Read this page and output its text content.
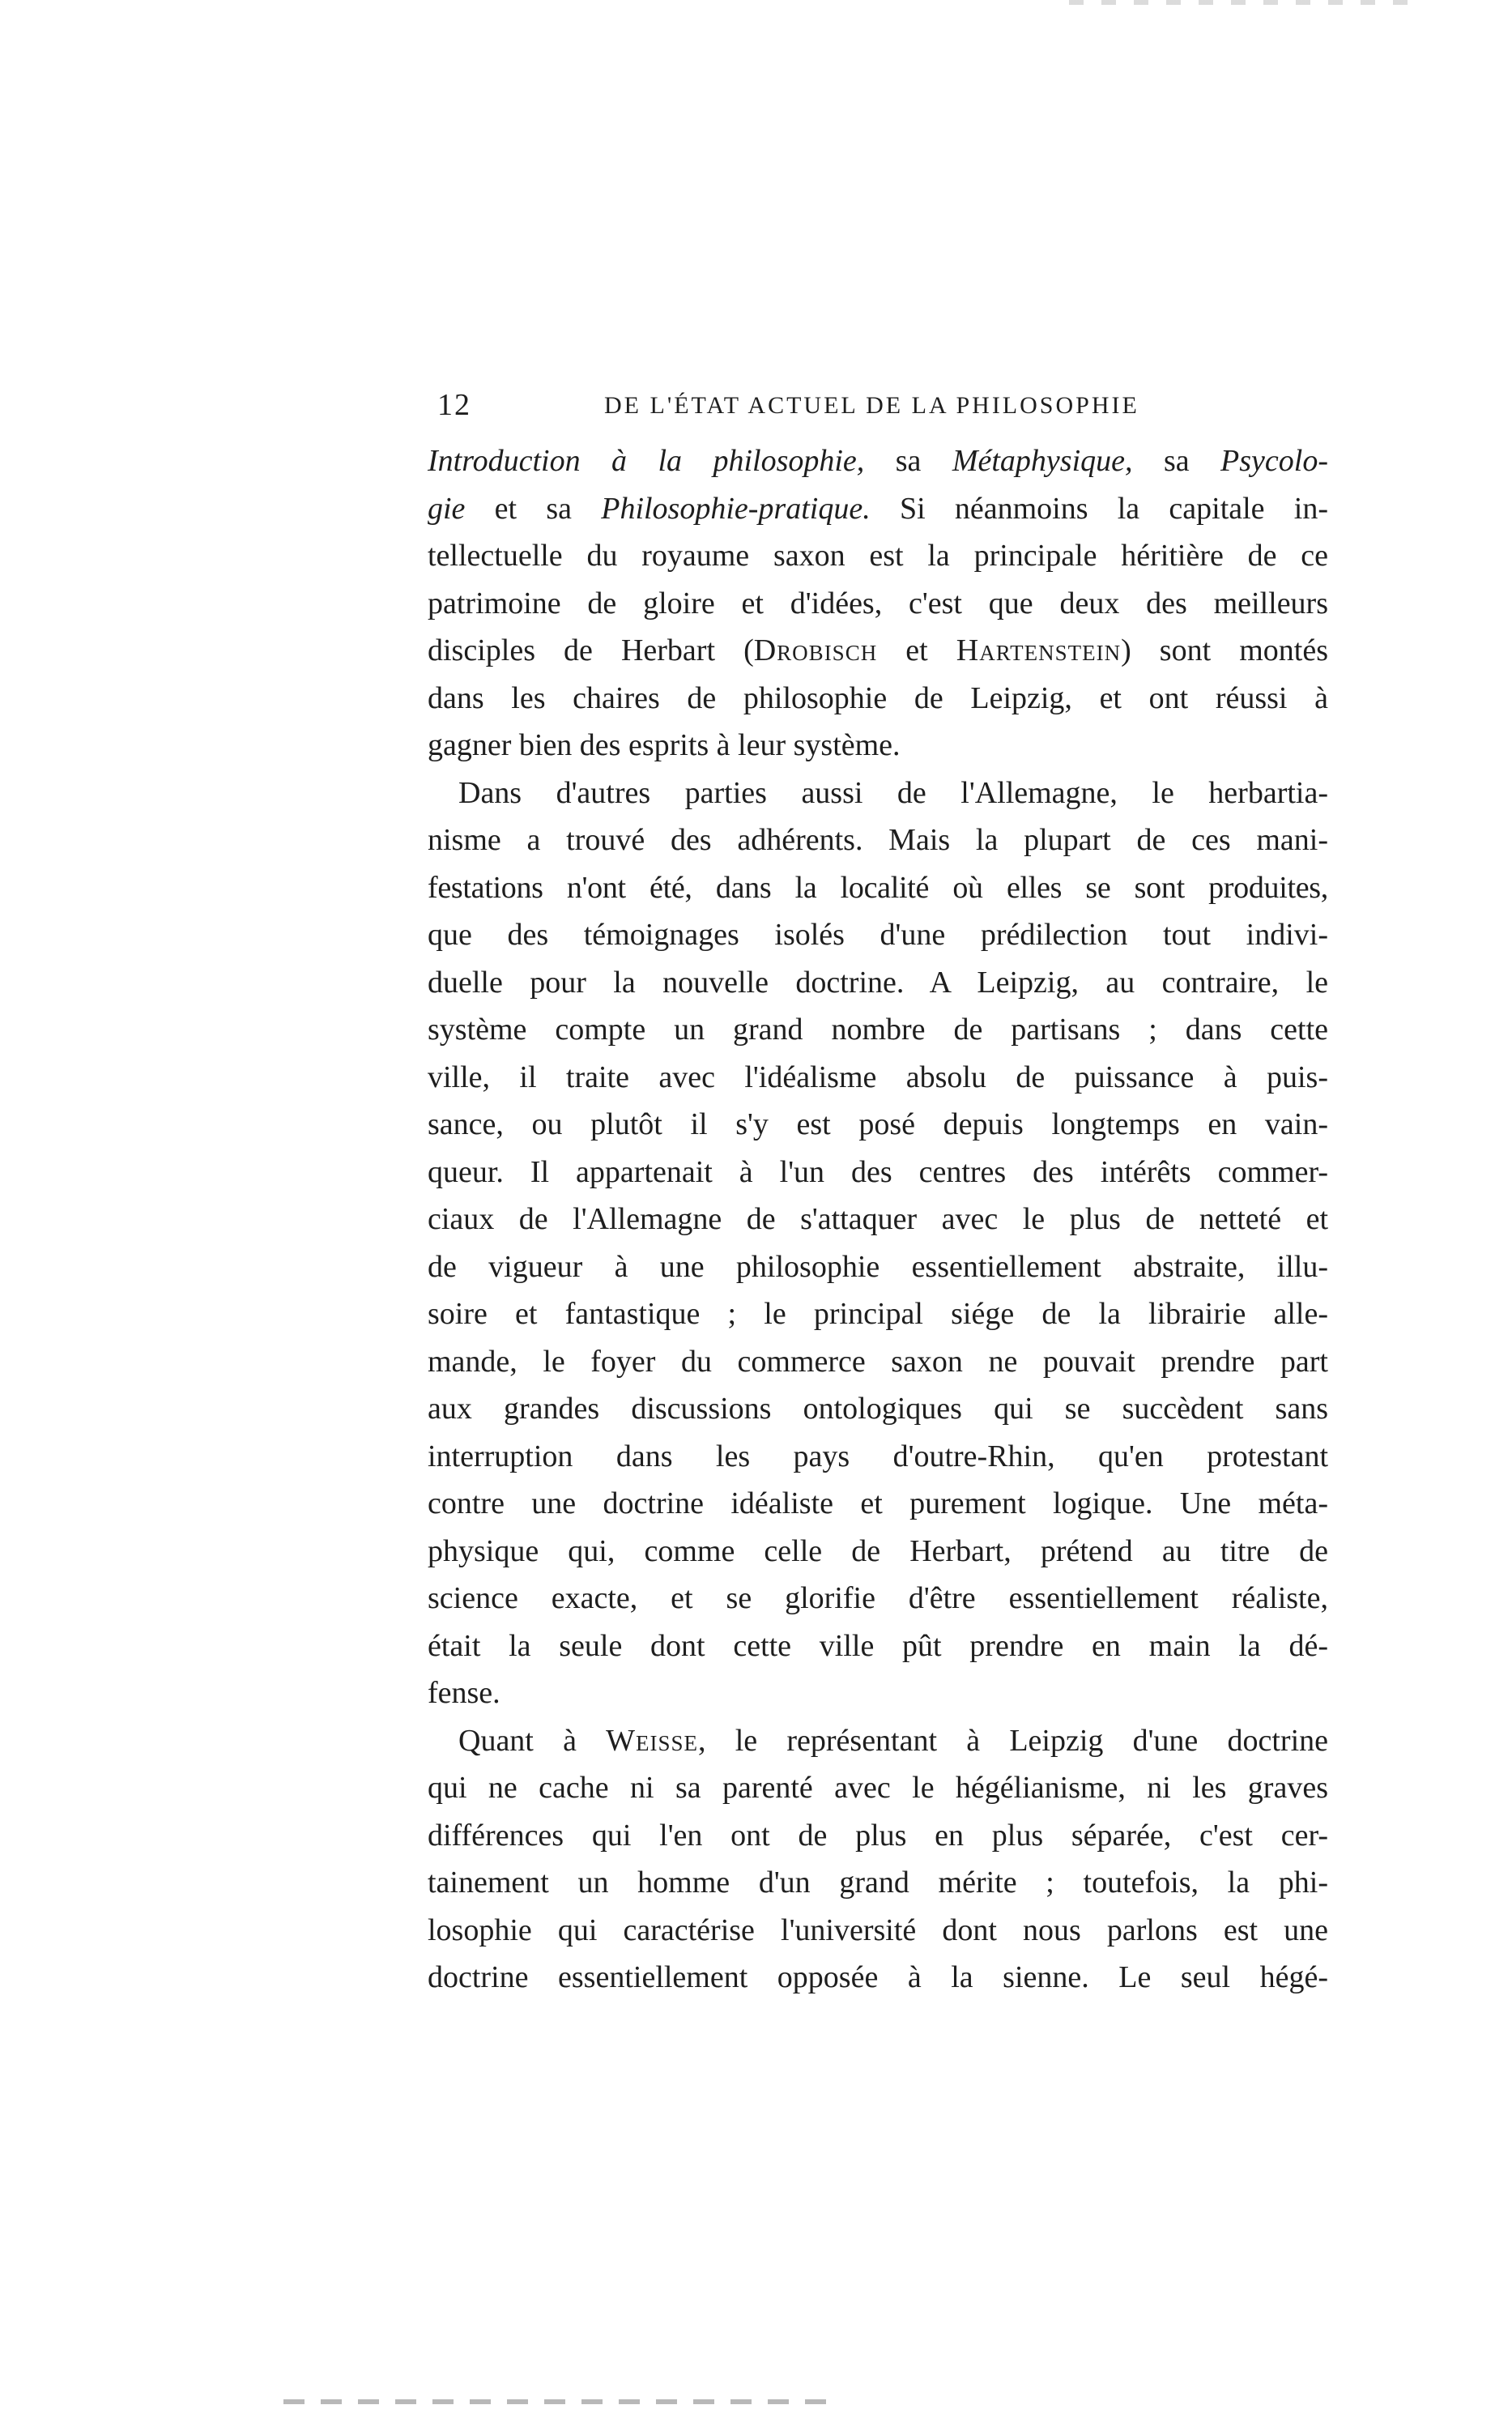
12	DE L'ÉTAT ACTUEL DE LA PHILOSOPHIE
Introduction à la philosophie, sa Métaphysique, sa Psycolo-
gie et sa Philosophie-pratique. Si néanmoins la capitale in-
tellectuelle du royaume saxon est la principale héritière de ce
patrimoine de gloire et d'idées, c'est que deux des meilleurs
disciples de Herbart (Drobisch et Hartenstein) sont montés
dans les chaires de philosophie de Leipzig, et ont réussi à
gagner bien des esprits à leur système.
Dans d'autres parties aussi de l'Allemagne, le herbartia-
nisme a trouvé des adhérents. Mais la plupart de ces mani-
festations n'ont été, dans la localité où elles se sont produites,
que des témoignages isolés d'une prédilection tout indivi-
duelle pour la nouvelle doctrine. A Leipzig, au contraire, le
système compte un grand nombre de partisans ; dans cette
ville, il traite avec l'idéalisme absolu de puissance à puis-
sance, ou plutôt il s'y est posé depuis longtemps en vain-
queur. Il appartenait à l'un des centres des intérêts commer-
ciaux de l'Allemagne de s'attaquer avec le plus de netteté et
de vigueur à une philosophie essentiellement abstraite, illu-
soire et fantastique ; le principal siége de la librairie alle-
mande, le foyer du commerce saxon ne pouvait prendre part
aux grandes discussions ontologiques qui se succèdent sans
interruption dans les pays d'outre-Rhin, qu'en protestant
contre une doctrine idéaliste et purement logique. Une méta-
physique qui, comme celle de Herbart, prétend au titre de
science exacte, et se glorifie d'être essentiellement réaliste,
était la seule dont cette ville pût prendre en main la dé-
fense.
Quant à Weisse, le représentant à Leipzig d'une doctrine
qui ne cache ni sa parenté avec le hégélianisme, ni les graves
différences qui l'en ont de plus en plus séparée, c'est cer-
tainement un homme d'un grand mérite ; toutefois, la phi-
losophie qui caractérise l'université dont nous parlons est une
doctrine essentiellement opposée à la sienne. Le seul hégé-
